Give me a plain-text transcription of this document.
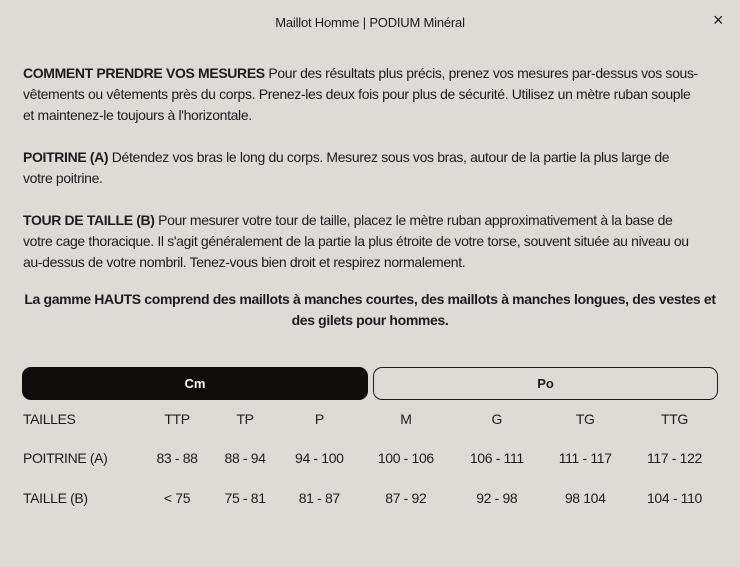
Maillot Homme | PODIUM Minéral	×

COMMENT PRENDRE VOS MESURES Pour des résultats plus précis, prenez vos mesures par-dessus vos sous-vêtements ou vêtements près du corps. Prenez-les deux fois pour plus de sécurité. Utilisez un mètre ruban souple et maintenez-le toujours à l'horizontale.

POITRINE (A) Détendez vos bras le long du corps. Mesurez sous vos bras, autour de la partie la plus large de votre poitrine.

TOUR DE TAILLE (B) Pour mesurer votre tour de taille, placez le mètre ruban approximativement à la base de votre cage thoracique. Il s'agit généralement de la partie la plus étroite de votre torse, souvent située au niveau ou au-dessus de votre nombril. Tenez-vous bien droit et respirez normalement.

La gamme HAUTS comprend des maillots à manches courtes, des maillots à manches longues, des vestes et des gilets pour hommes.
Cm	Po
TAILLES	TTP	TP	P	M	G	TG	TTG
POITRINE (A)	83 - 88	88 - 94	94 - 100	100 - 106	106 - 111	111 - 117	117 - 122
TAILLE (B)	< 75	75 - 81	81 - 87	87 - 92	92 - 98	98 104	104 - 110
